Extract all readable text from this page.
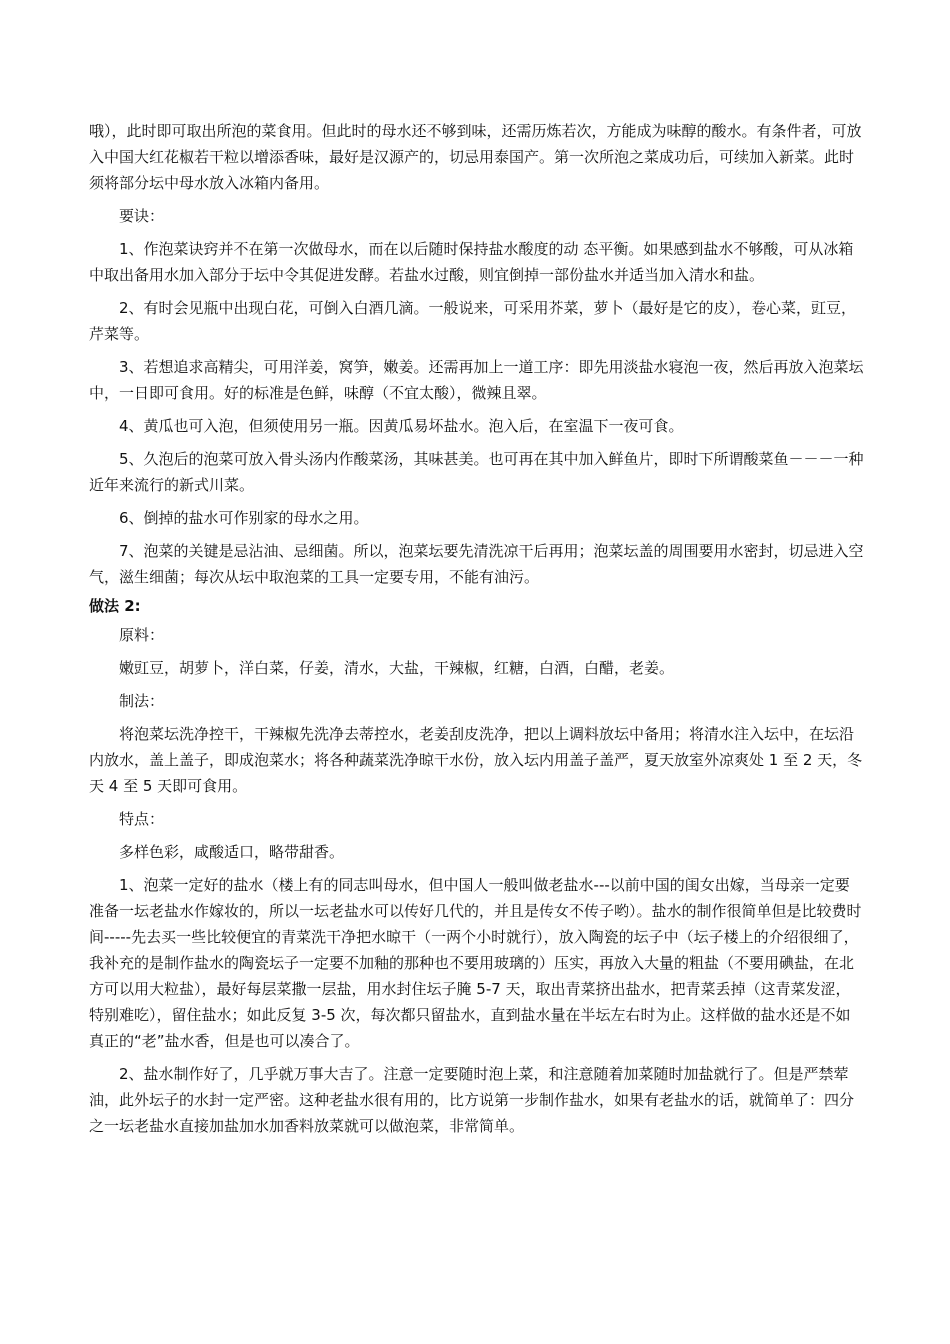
哦），此时即可取出所泡的菜食用。但此时的母水还不够到味，还需历炼若次，方能成为味醇的酸水。有条件者，可放入中国大红花椒若干粒以增添香味，最好是汉源产的，切忌用泰国产。第一次所泡之菜成功后，可续加入新菜。此时须将部分坛中母水放入冰箱内备用。

要诀：

1、作泡菜诀窍并不在第一次做母水，而在以后随时保持盐水酸度的动 态平衡。如果感到盐水不够酸，可从冰箱中取出备用水加入部分于坛中令其促进发酵。若盐水过酸，则宜倒掉一部份盐水并适当加入清水和盐。

2、有时会见瓶中出现白花，可倒入白酒几滴。一般说来，可采用芥菜，萝卜（最好是它的皮），卷心菜，豇豆，芹菜等。

3、若想追求高精尖，可用洋姜，窝笋，嫩姜。还需再加上一道工序：即先用淡盐水寝泡一夜，然后再放入泡菜坛中，一日即可食用。好的标准是色鲜，味醇（不宜太酸），微辣且翠。

4、黄瓜也可入泡，但须使用另一瓶。因黄瓜易坏盐水。泡入后，在室温下一夜可食。

5、久泡后的泡菜可放入骨头汤内作酸菜汤，其味甚美。也可再在其中加入鲜鱼片，即时下所谓酸菜鱼－－－一种近年来流行的新式川菜。

6、倒掉的盐水可作别家的母水之用。

7、泡菜的关键是忌沾油、忌细菌。所以，泡菜坛要先清洗凉干后再用；泡菜坛盖的周围要用水密封，切忌进入空气，滋生细菌；每次从坛中取泡菜的工具一定要专用，不能有油污。

做法 2:

原料：

嫩豇豆，胡萝卜，洋白菜，仔姜，清水，大盐，干辣椒，红糖，白酒，白醋，老姜。

制法：

将泡菜坛洗净控干，干辣椒先洗净去蒂控水，老姜刮皮洗净，把以上调料放坛中备用；将清水注入坛中，在坛沿内放水，盖上盖子，即成泡菜水；将各种蔬菜洗净晾干水份，放入坛内用盖子盖严，夏天放室外凉爽处 1 至 2 天，冬天 4 至 5 天即可食用。

特点：

多样色彩，咸酸适口，略带甜香。

1、泡菜一定好的盐水（楼上有的同志叫母水，但中国人一般叫做老盐水---以前中国的闺女出嫁，当母亲一定要准备一坛老盐水作嫁妆的，所以一坛老盐水可以传好几代的，并且是传女不传子哟）。盐水的制作很简单但是比较费时间-----先去买一些比较便宜的青菜洗干净把水晾干（一两个小时就行），放入陶瓷的坛子中（坛子楼上的介绍很细了，我补充的是制作盐水的陶瓷坛子一定要不加釉的那种也不要用玻璃的）压实，再放入大量的粗盐（不要用碘盐，在北方可以用大粒盐），最好每层菜撒一层盐，用水封住坛子腌 5-7 天，取出青菜挤出盐水，把青菜丢掉（这青菜发涩，特别难吃），留住盐水；如此反复 3-5 次，每次都只留盐水，直到盐水量在半坛左右时为止。这样做的盐水还是不如真正的“老”盐水香，但是也可以凑合了。

2、盐水制作好了，几乎就万事大吉了。注意一定要随时泡上菜，和注意随着加菜随时加盐就行了。但是严禁荤油，此外坛子的水封一定严密。这种老盐水很有用的，比方说第一步制作盐水，如果有老盐水的话，就简单了：四分之一坛老盐水直接加盐加水加香料放菜就可以做泡菜，非常简单。
